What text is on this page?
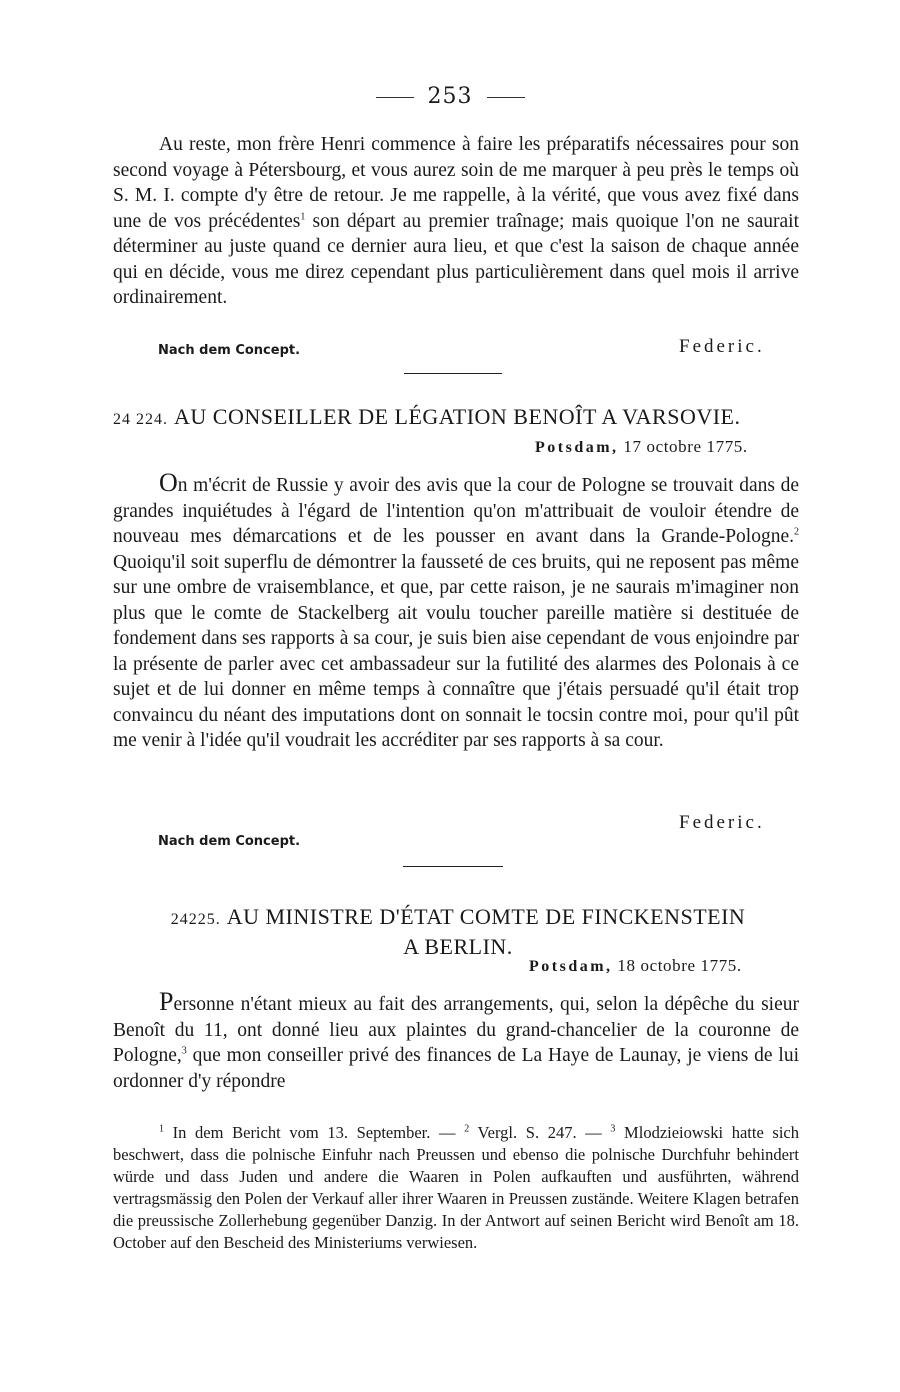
253

Au reste, mon frère Henri commence à faire les préparatifs nécessaires pour son second voyage à Pétersbourg, et vous aurez soin de me marquer à peu près le temps où S. M. I. compte d'y être de retour. Je me rappelle, à la vérité, que vous avez fixé dans une de vos précédentes$^1$ son départ au premier traînage; mais quoique l'on ne saurait déterminer au juste quand ce dernier aura lieu, et que c'est la saison de chaque année qui en décide, vous me direz cependant plus particulièrement dans quel mois il arrive ordinairement.

Nach dem Concept.	Federic.
24 224. AU CONSEILLER DE LÉGATION BENOÎT A VARSOVIE.
Potsdam, 17 octobre 1775.

On m'écrit de Russie y avoir des avis que la cour de Pologne se trouvait dans de grandes inquiétudes à l'égard de l'intention qu'on m'attribuait de vouloir étendre de nouveau mes démarcations et de les pousser en avant dans la Grande-Pologne.$^2$ Quoiqu'il soit superflu de démontrer la fausseté de ces bruits, qui ne reposent pas même sur une ombre de vraisemblance, et que, par cette raison, je ne saurais m'imaginer non plus que le comte de Stackelberg ait voulu toucher pareille matière si destituée de fondement dans ses rapports à sa cour, je suis bien aise cependant de vous enjoindre par la présente de parler avec cet ambassadeur sur la futilité des alarmes des Polonais à ce sujet et de lui donner en même temps à connaître que j'étais persuadé qu'il était trop convaincu du néant des imputations dont on sonnait le tocsin contre moi, pour qu'il pût me venir à l'idée qu'il voudrait les accréditer par ses rapports à sa cour.

Federic.
Nach dem Concept.
24225. AU MINISTRE D'ÉTAT COMTE DE FINCKENSTEIN
A BERLIN.
Potsdam, 18 octobre 1775.

Personne n'étant mieux au fait des arrangements, qui, selon la dépêche du sieur Benoît du 11, ont donné lieu aux plaintes du grand-chancelier de la couronne de Pologne,$^3$ que mon conseiller privé des finances de La Haye de Launay, je viens de lui ordonner d'y répondre

$^1$ In dem Bericht vom 13. September. — $^2$ Vergl. S. 247. — $^3$ Mlodzieiowski hatte sich beschwert, dass die polnische Einfuhr nach Preussen und ebenso die polnische Durchfuhr behindert würde und dass Juden und andere die Waaren in Polen aufkauften und ausführten, während vertragsmässig den Polen der Verkauf aller ihrer Waaren in Preussen zustände. Weitere Klagen betrafen die preussische Zollerhebung gegenüber Danzig. In der Antwort auf seinen Bericht wird Benoît am 18. October auf den Bescheid des Ministeriums verwiesen.
